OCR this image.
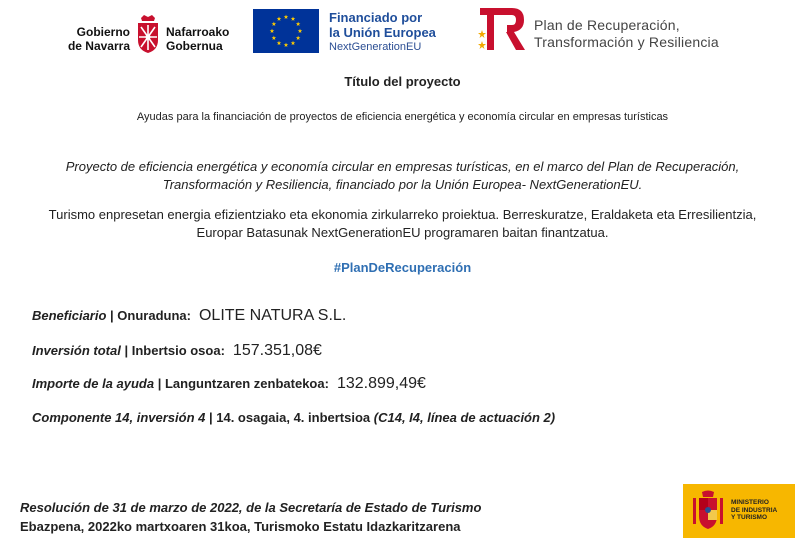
Gobierno
de Navarra
Nafarroako
Gobernua
Financiado por
la Unión Europea
NextGenerationEU
Plan de Recuperación,
Transformación y Resiliencia
Título del proyecto
Ayudas para la financiación de proyectos de eficiencia energética y economía circular en empresas turísticas
Proyecto de eficiencia energética y economía circular en empresas turísticas, en el marco del Plan de Recuperación, Transformación y Resiliencia, financiado por la Unión Europea- NextGenerationEU.
Turismo enpresetan energia efizientziako eta ekonomia zirkularreko proiektua. Berreskuratze, Eraldaketa eta Erresilientzia, Europar Batasunak NextGenerationEU programaren baitan finantzatua.
#PlanDeRecuperación
Beneficiario | Onuraduna: OLITE NATURA S.L.
Inversión total | Inbertsio osoa: 157.351,08€
Importe de la ayuda | Languntzaren zenbatekoa: 132.899,49€
Componente 14, inversión 4 | 14. osagaia, 4. inbertsioa (C14, I4, línea de actuación 2)
Resolución de 31 de marzo de 2022, de la Secretaría de Estado de Turismo
Ebazpena, 2022ko martxoaren 31koa, Turismoko Estatu Idazkaritzarena
MINISTERIO
DE INDUSTRIA
Y TURISMO
